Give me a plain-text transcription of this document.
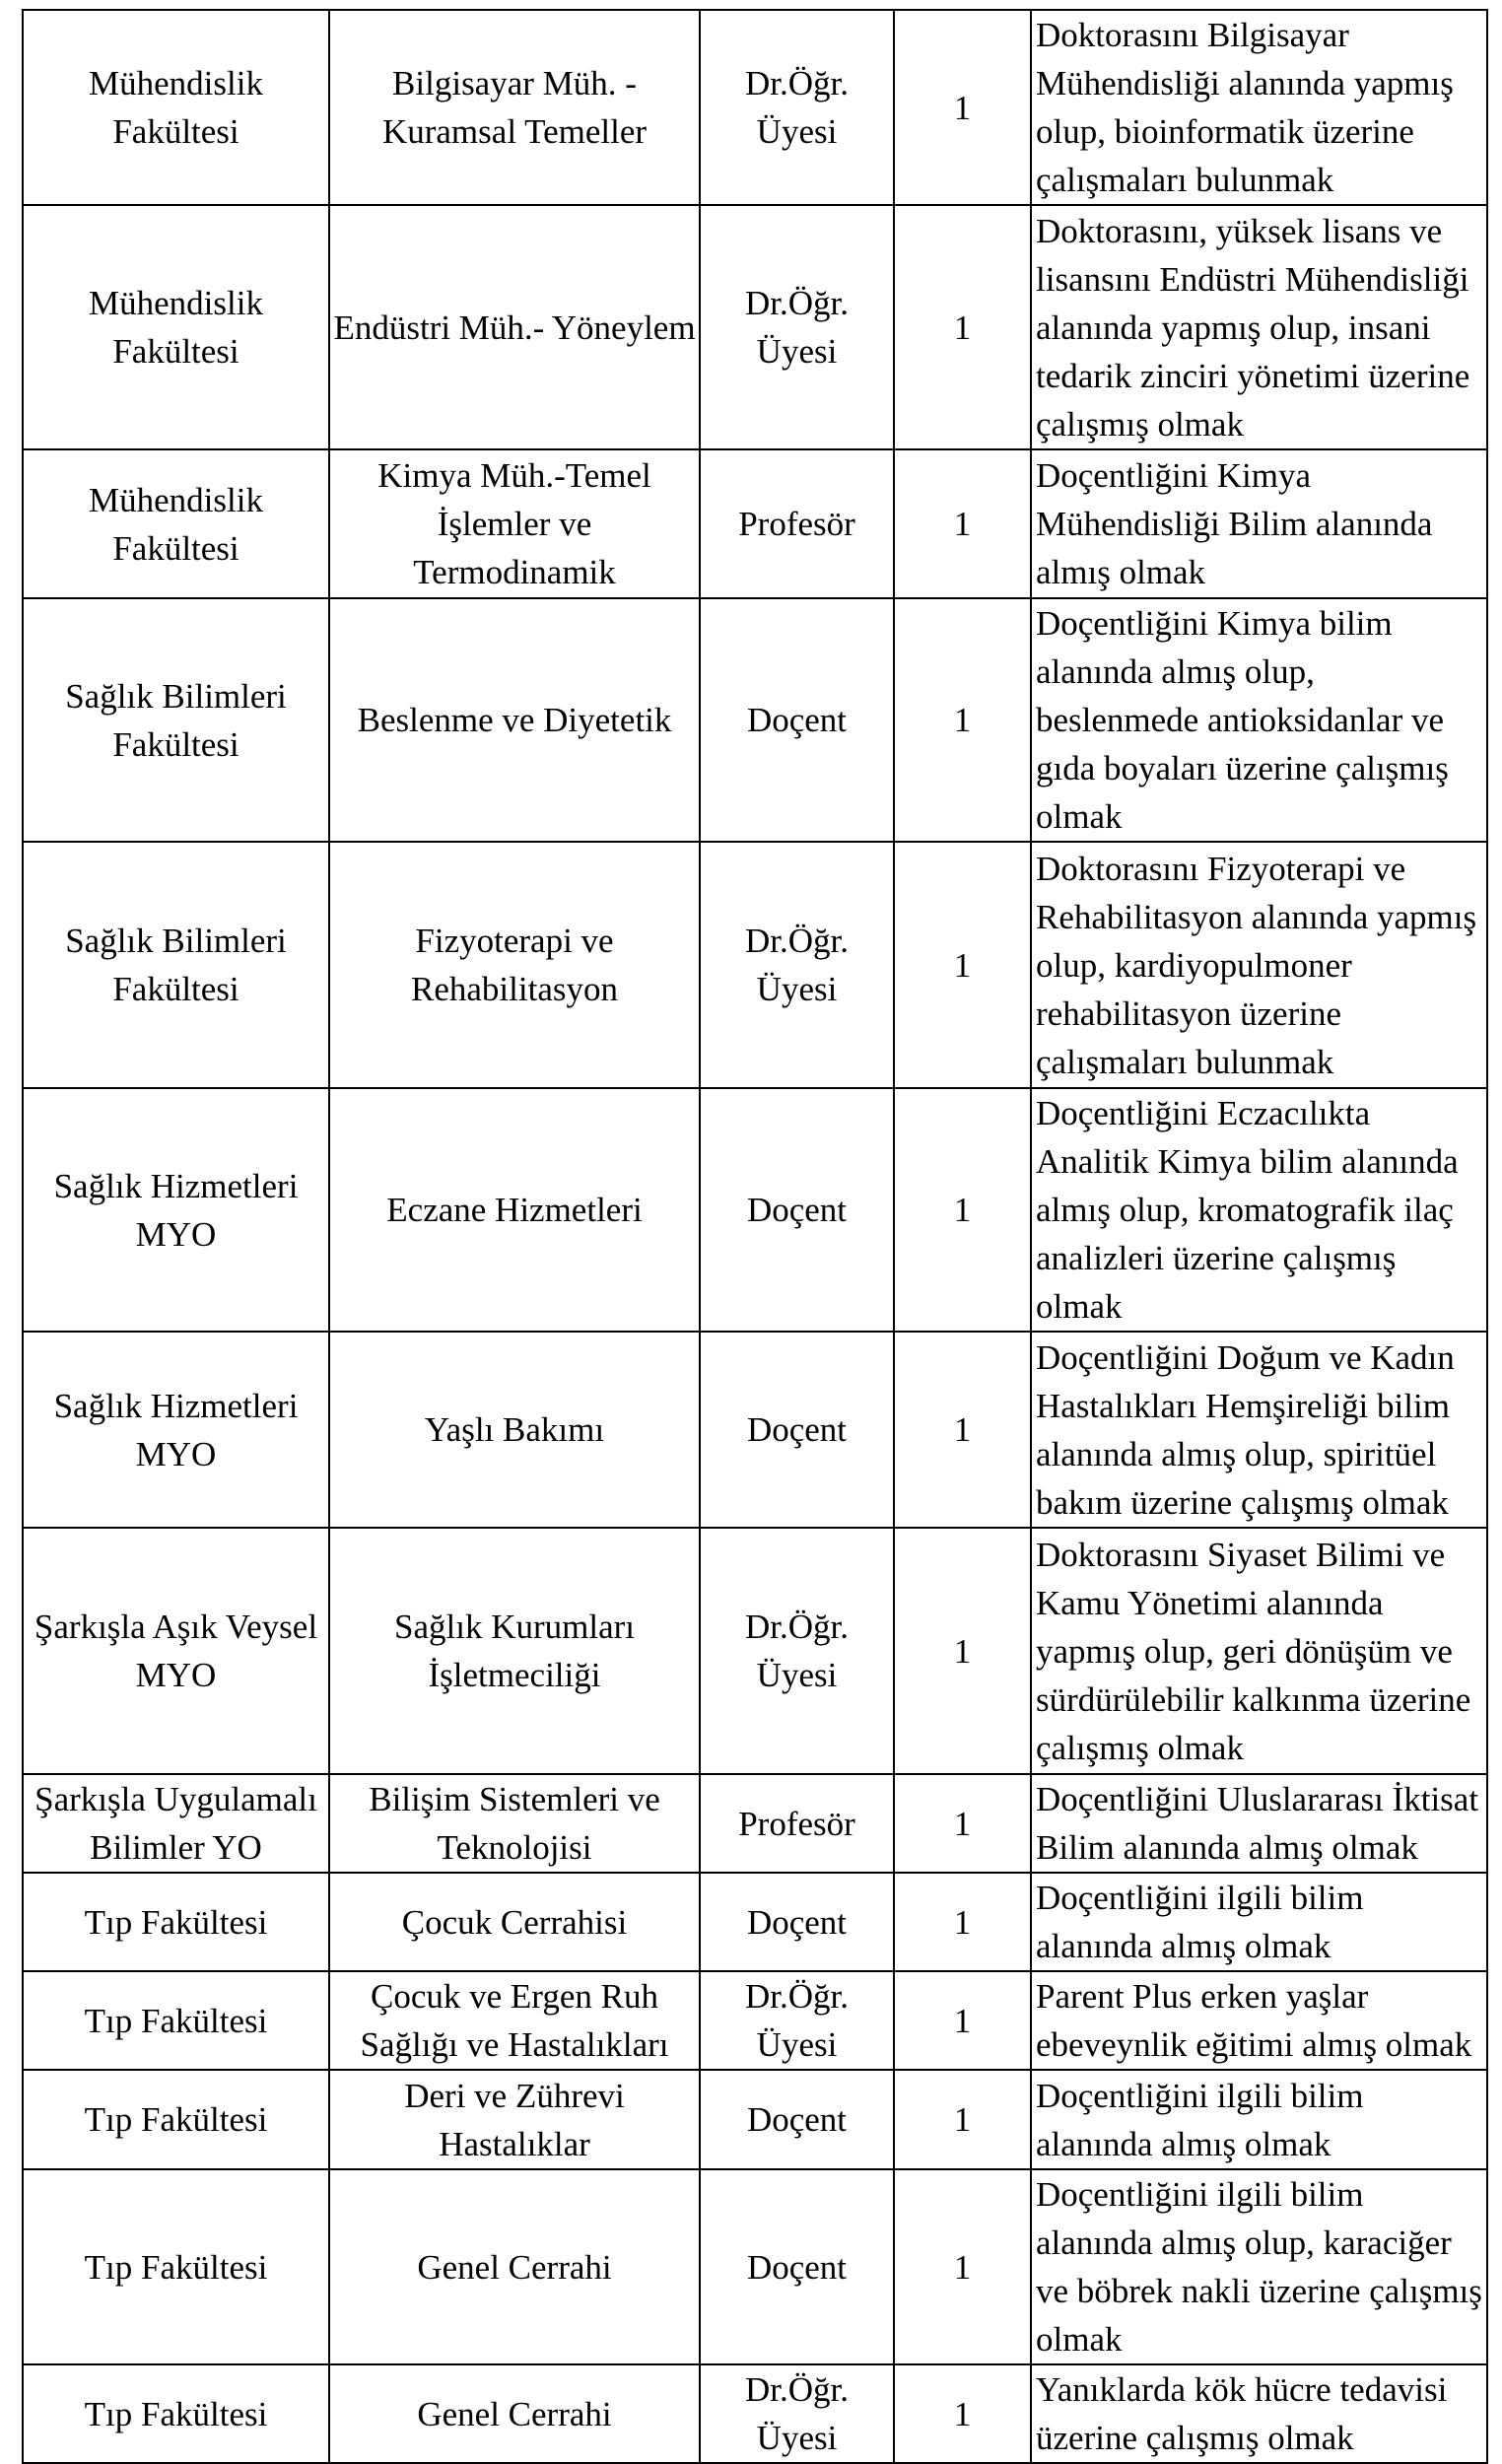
Mühendislik Fakültesi	Bilgisayar Müh. - Kuramsal Temeller	Dr.Öğr. Üyesi	1	Doktorasını Bilgisayar Mühendisliği alanında yapmış olup, bioinformatik üzerine çalışmaları bulunmak
Mühendislik Fakültesi	Endüstri Müh.- Yöneylem	Dr.Öğr. Üyesi	1	Doktorasını, yüksek lisans ve lisansını Endüstri Mühendisliği alanında yapmış olup, insani tedarik zinciri yönetimi üzerine çalışmış olmak
Mühendislik Fakültesi	Kimya Müh.-Temel İşlemler ve Termodinamik	Profesör	1	Doçentliğini Kimya Mühendisliği Bilim alanında almış olmak
Sağlık Bilimleri Fakültesi	Beslenme ve Diyetetik	Doçent	1	Doçentliğini Kimya bilim alanında almış olup, beslenmede antioksidanlar ve gıda boyaları üzerine çalışmış olmak
Sağlık Bilimleri Fakültesi	Fizyoterapi ve Rehabilitasyon	Dr.Öğr. Üyesi	1	Doktorasını Fizyoterapi ve Rehabilitasyon alanında yapmış olup, kardiyopulmoner rehabilitasyon üzerine çalışmaları bulunmak
Sağlık Hizmetleri MYO	Eczane Hizmetleri	Doçent	1	Doçentliğini Eczacılıkta Analitik Kimya bilim alanında almış olup, kromatografik ilaç analizleri üzerine çalışmış olmak
Sağlık Hizmetleri MYO	Yaşlı Bakımı	Doçent	1	Doçentliğini Doğum ve Kadın Hastalıkları Hemşireliği bilim alanında almış olup, spiritüel bakım üzerine çalışmış olmak
Şarkışla Aşık Veysel MYO	Sağlık Kurumları İşletmeciliği	Dr.Öğr. Üyesi	1	Doktorasını Siyaset Bilimi ve Kamu Yönetimi alanında yapmış olup, geri dönüşüm ve sürdürülebilir kalkınma üzerine çalışmış olmak
Şarkışla Uygulamalı Bilimler YO	Bilişim Sistemleri ve Teknolojisi	Profesör	1	Doçentliğini Uluslararası İktisat Bilim alanında almış olmak
Tıp Fakültesi	Çocuk Cerrahisi	Doçent	1	Doçentliğini ilgili bilim alanında almış olmak
Tıp Fakültesi	Çocuk ve Ergen Ruh Sağlığı ve Hastalıkları	Dr.Öğr. Üyesi	1	Parent Plus erken yaşlar ebeveynlik eğitimi almış olmak
Tıp Fakültesi	Deri ve Zührevi Hastalıklar	Doçent	1	Doçentliğini ilgili bilim alanında almış olmak
Tıp Fakültesi	Genel Cerrahi	Doçent	1	Doçentliğini ilgili bilim alanında almış olup, karaciğer ve böbrek nakli üzerine çalışmış olmak
Tıp Fakültesi	Genel Cerrahi	Dr.Öğr. Üyesi	1	Yanıklarda kök hücre tedavisi üzerine çalışmış olmak
